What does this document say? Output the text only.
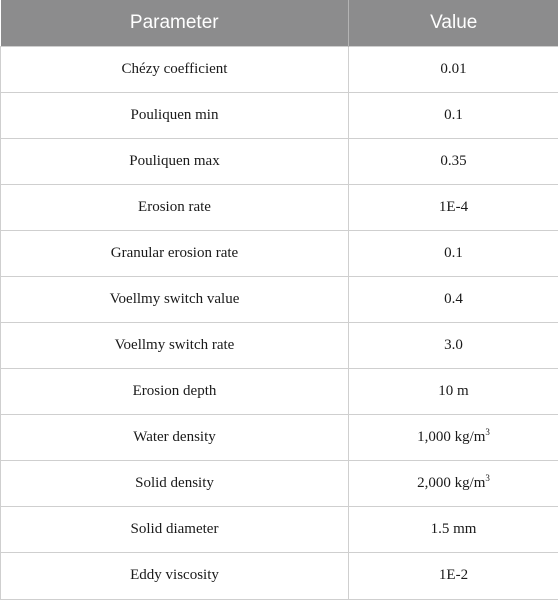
Parameter	Value
Chézy coefficient	0.01
Pouliquen min	0.1
Pouliquen max	0.35
Erosion rate	1E-4
Granular erosion rate	0.1
Voellmy switch value	0.4
Voellmy switch rate	3.0
Erosion depth	10 m
Water density	1,000 $kg/m^3$
Solid density	2,000 $kg/m^3$
Solid diameter	1.5 mm
Eddy viscosity	1E-2
